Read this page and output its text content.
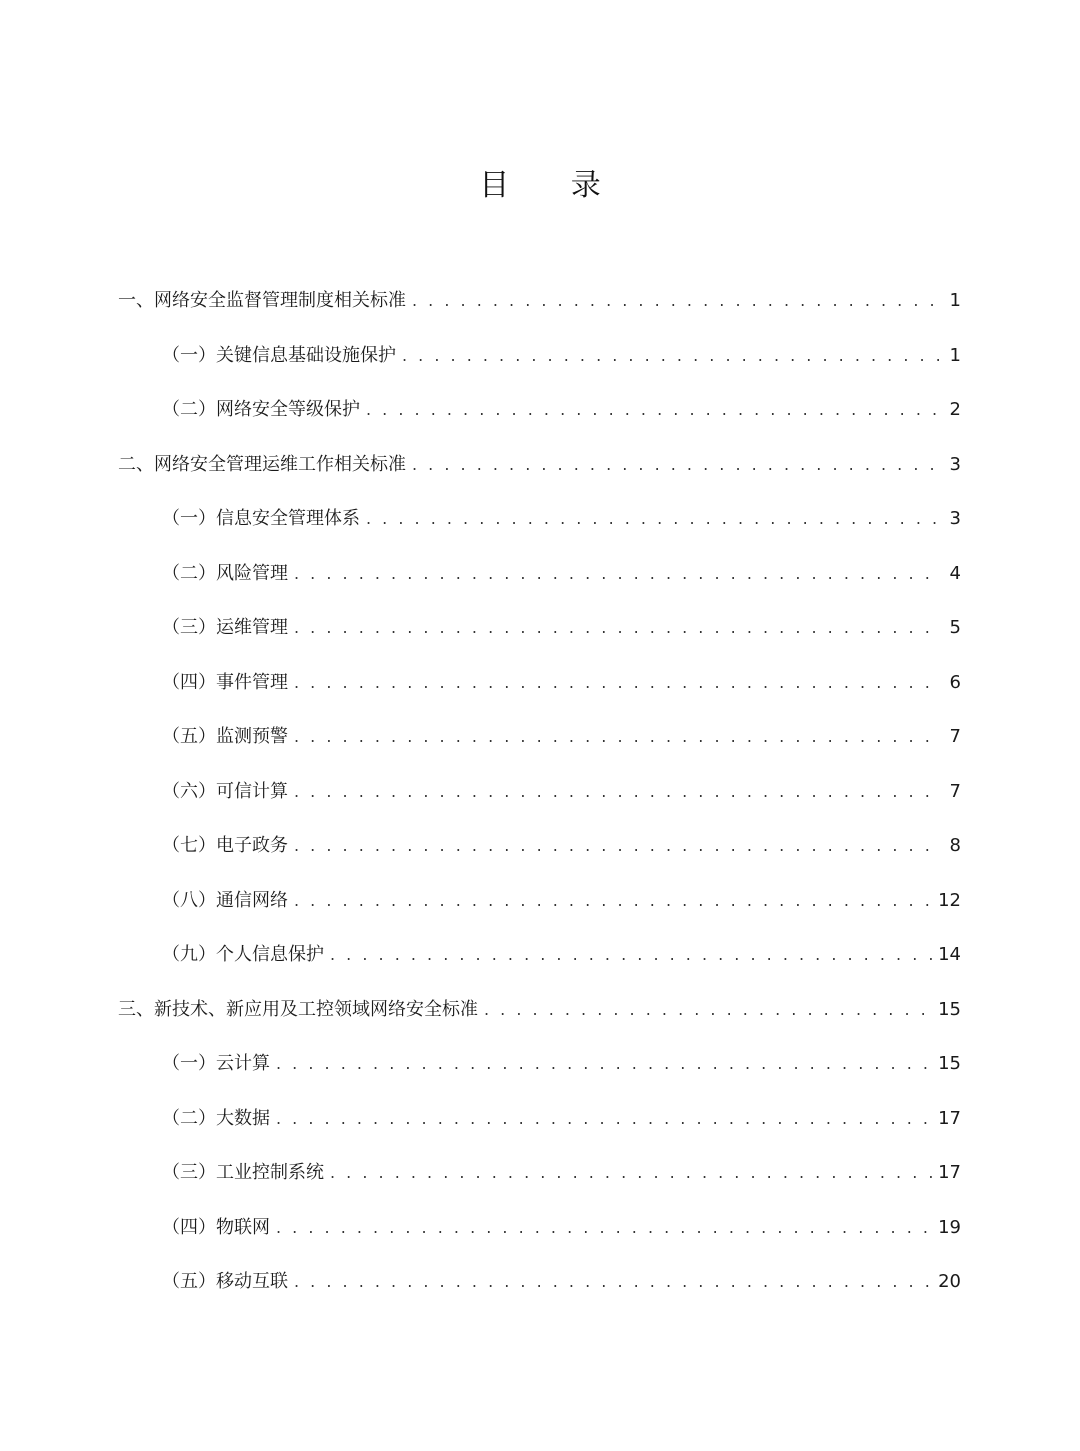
目 录
一、网络安全监督管理制度相关标准 . . .	1
（一）关键信息基础设施保护 . . .	1
（二）网络安全等级保护 . . .	2
二、网络安全管理运维工作相关标准 . . .	3
（一）信息安全管理体系 . . .	3
（二）风险管理 . . .	4
（三）运维管理 . . .	5
（四）事件管理 . . .	6
（五）监测预警 . . .	7
（六）可信计算 . . .	7
（七）电子政务 . . .	8
（八）通信网络 . . .	12
（九）个人信息保护 . . .	14
三、新技术、新应用及工控领域网络安全标准 . . .	15
（一）云计算 . . .	15
（二）大数据 . . .	17
（三）工业控制系统 . . .	17
（四）物联网 . . .	19
（五）移动互联 . . .	20
